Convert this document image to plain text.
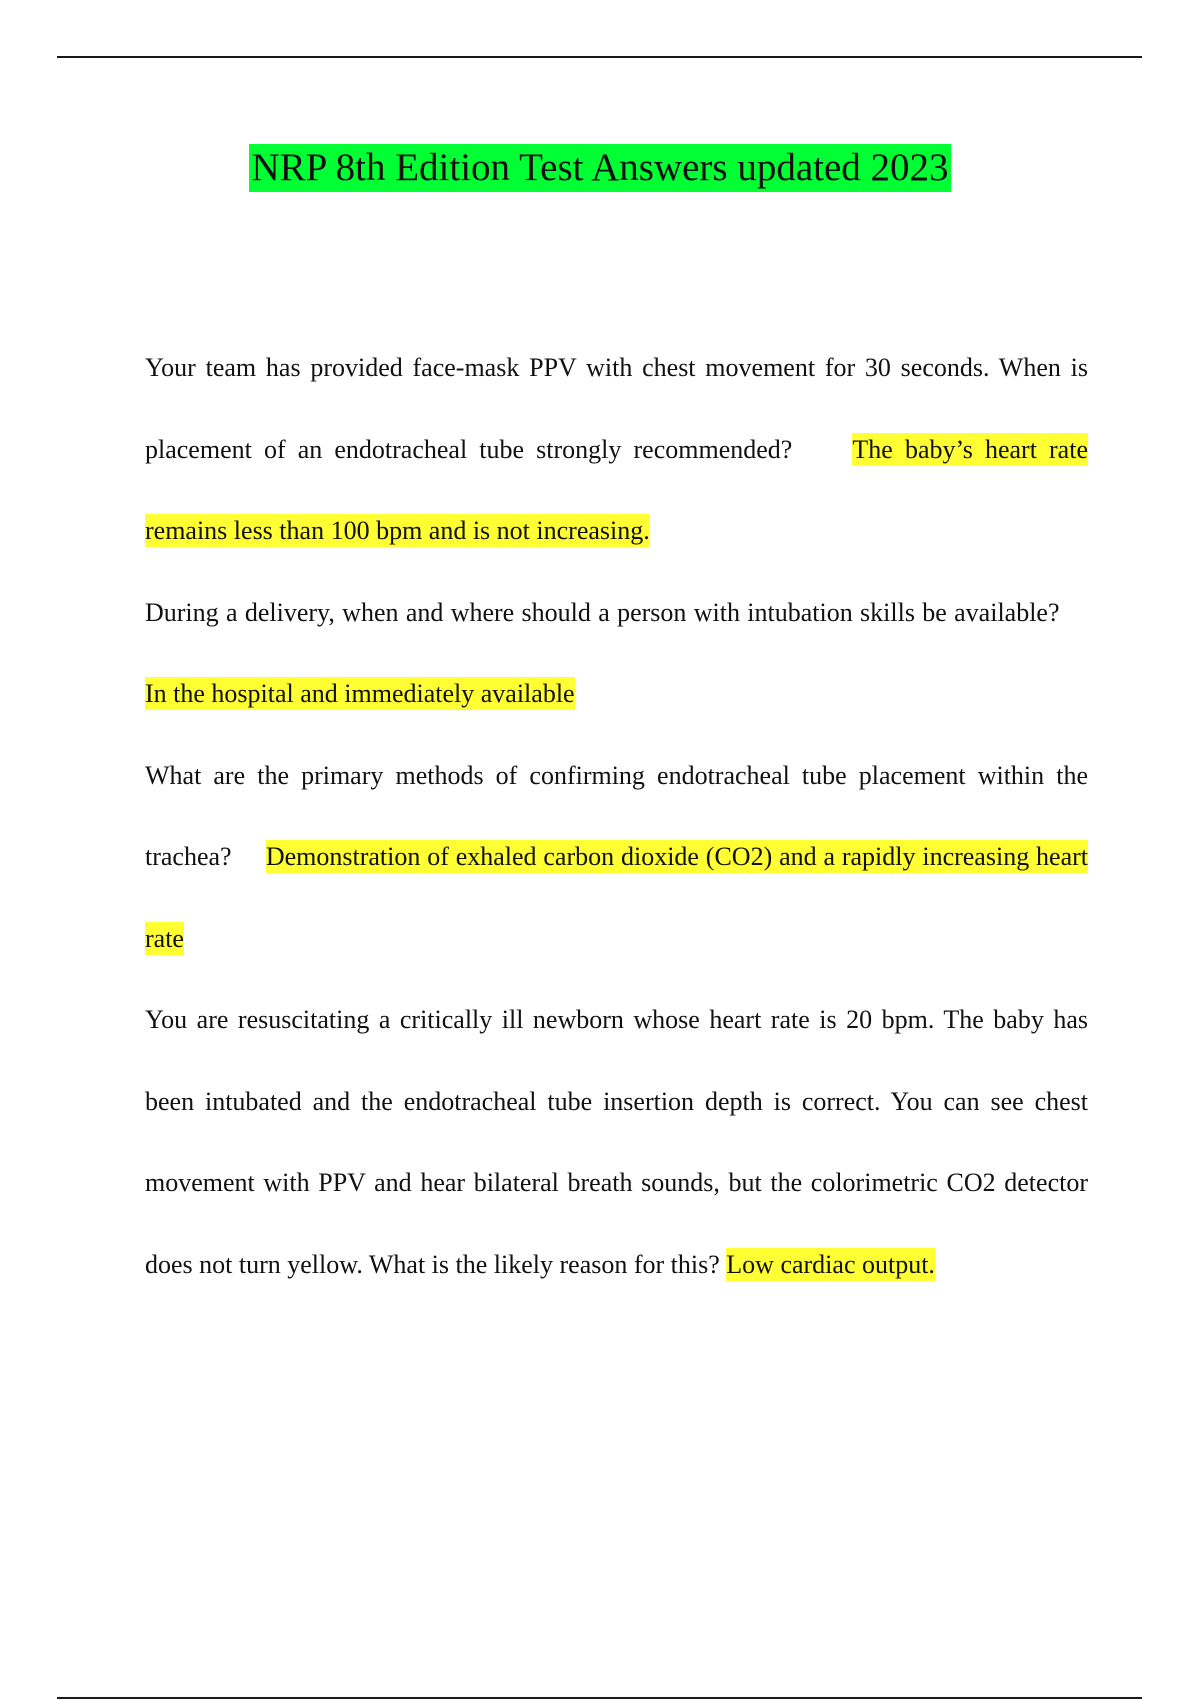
NRP 8th Edition Test Answers updated 2023

Your team has provided face-mask PPV with chest movement for 30 seconds. When is placement of an endotracheal tube strongly recommended? The baby’s heart rate remains less than 100 bpm and is not increasing.

During a delivery, when and where should a person with intubation skills be available?     In the hospital and immediately available

What are the primary methods of confirming endotracheal tube placement within the trachea? Demonstration of exhaled carbon dioxide (CO2) and a rapidly increasing heart rate

You are resuscitating a critically ill newborn whose heart rate is 20 bpm. The baby has been intubated and the endotracheal tube insertion depth is correct. You can see chest movement with PPV and hear bilateral breath sounds, but the colorimetric CO2 detector does not turn yellow. What is the likely reason for this? Low cardiac output.
